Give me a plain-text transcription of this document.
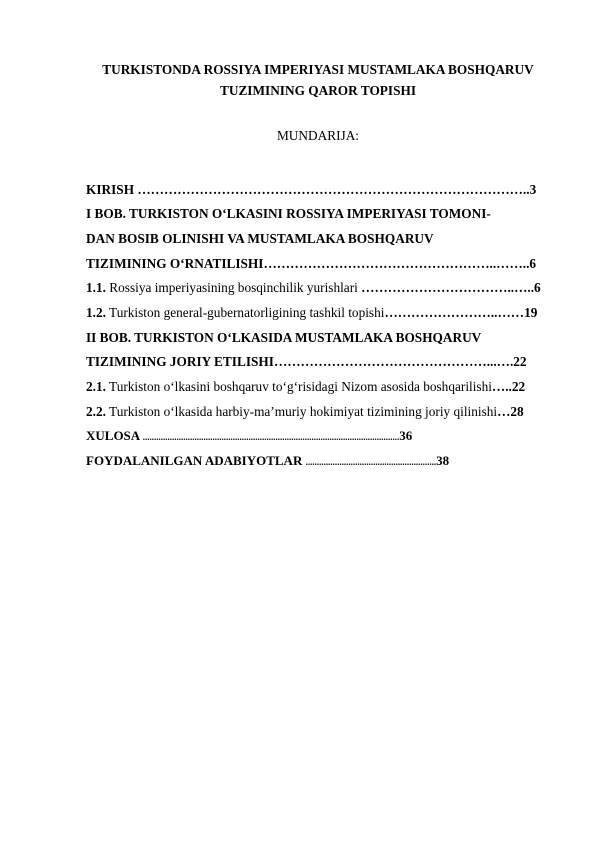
TURKISTONDA ROSSIYA IMPERIYASI MUSTAMLAKA BOSHQARUV
TUZIMINING QAROR TOPISHI
MUNDARIJA:
KIRISH ……………………………………………………………………………..3
I BOB. TURKISTON O‘LKASINI ROSSIYA IMPERIYASI TOMONI-
DAN BOSIB OLINISHI VA MUSTAMLAKA BOSHQARUV
TIZIMINING O‘RNATILISHI……………………………………………..……..6
1.1. Rossiya imperiyasining bosqinchilik yurishlari ……………………………..…..6
1.2. Turkiston general-gubernatorligining tashkil topishi……………………..……19
II BOB. TURKISTON O‘LKASIDA MUSTAMLAKA BOSHQARUV
TIZIMINING JORIY ETILISHI…………………………………………...….22
2.1. Turkiston o‘lkasini boshqaruv to‘g‘risidagi Nizom asosida boshqarilishi…..22
2.2. Turkiston o‘lkasida harbiy-ma’muriy hokimiyat tizimining joriy qilinishi…28
XULOSA ..................................................................................................................36
FOYDALANILGAN ADABIYOTLAR ..........................................................38
